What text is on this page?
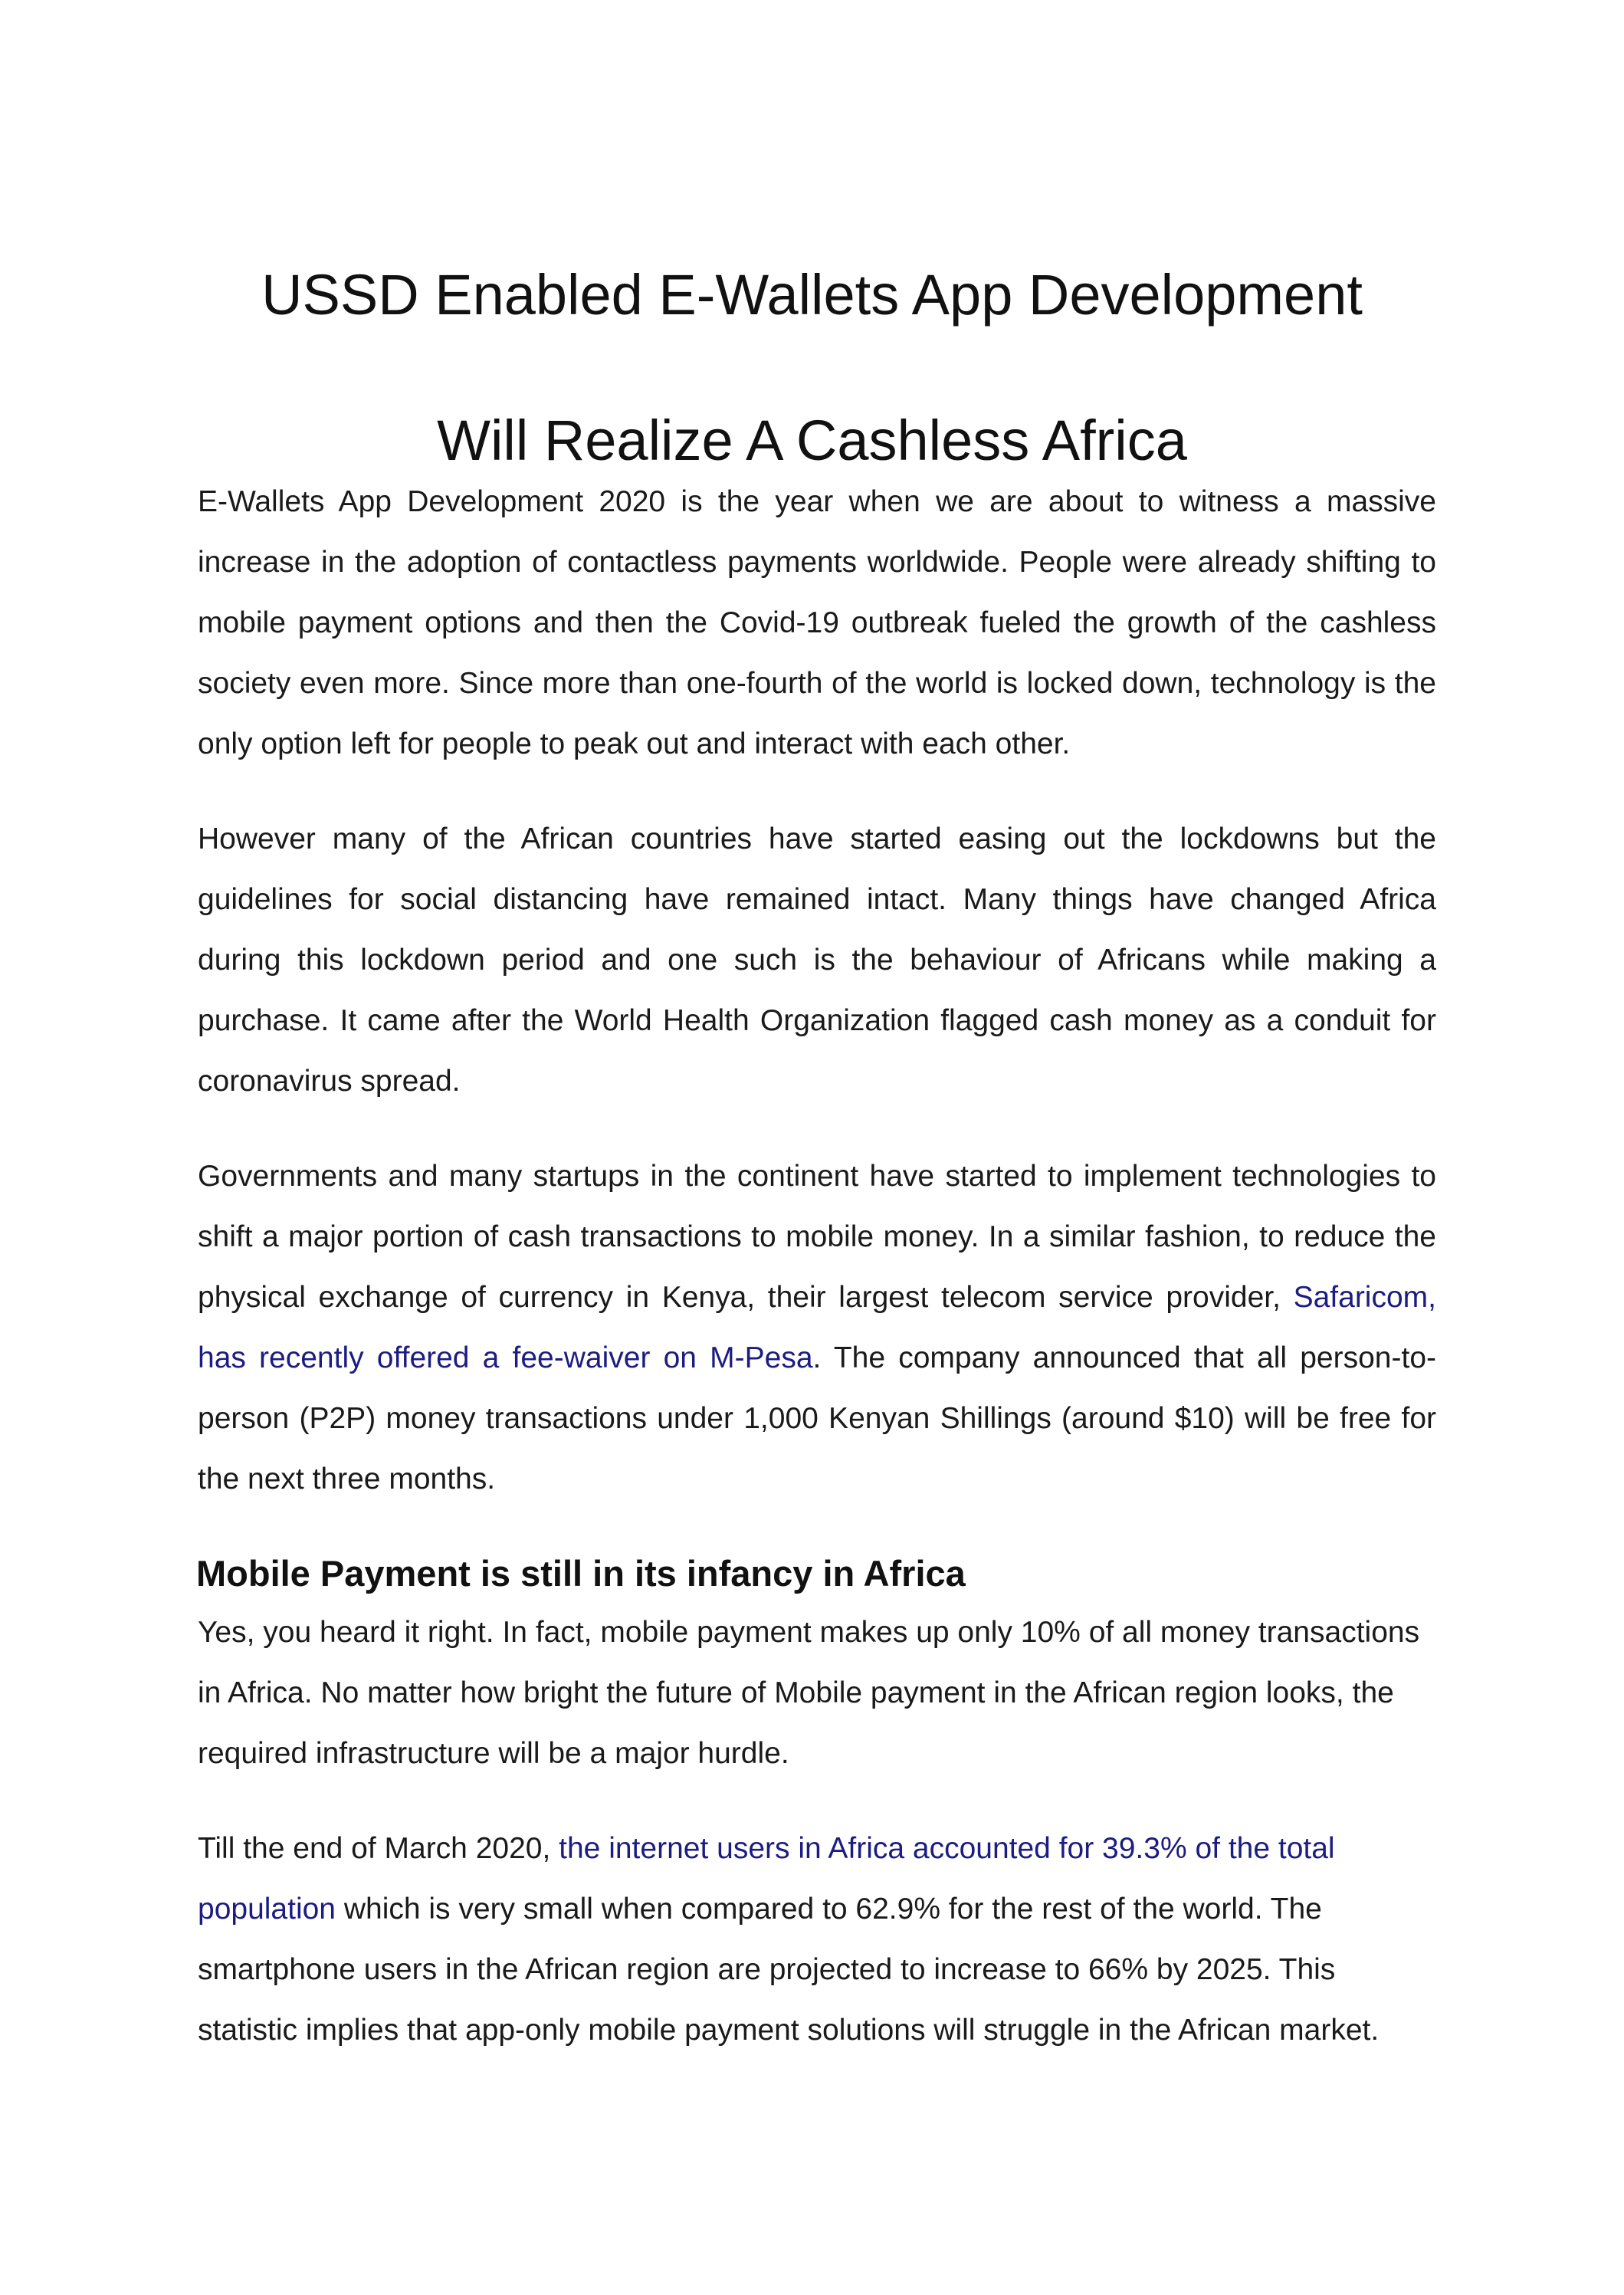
USSD Enabled E-Wallets App Development
Will Realize A Cashless Africa

E-Wallets App Development 2020 is the year when we are about to witness a massive increase in the adoption of contactless payments worldwide. People were already shifting to mobile payment options and then the Covid-19 outbreak fueled the growth of the cashless society even more. Since more than one-fourth of the world is locked down, technology is the only option left for people to peak out and interact with each other.

However many of the African countries have started easing out the lockdowns but the guidelines for social distancing have remained intact. Many things have changed Africa during this lockdown period and one such is the behaviour of Africans while making a purchase. It came after the World Health Organization flagged cash money as a conduit for coronavirus spread.

Governments and many startups in the continent have started to implement technologies to shift a major portion of cash transactions to mobile money. In a similar fashion, to reduce the physical exchange of currency in Kenya, their largest telecom service provider, Safaricom, has recently offered a fee-waiver on M-Pesa. The company announced that all person-to-person (P2P) money transactions under 1,000 Kenyan Shillings (around $10) will be free for the next three months.

Mobile Payment is still in its infancy in Africa

Yes, you heard it right. In fact, mobile payment makes up only 10% of all money transactions in Africa. No matter how bright the future of Mobile payment in the African region looks, the required infrastructure will be a major hurdle.

Till the end of March 2020, the internet users in Africa accounted for 39.3% of the total population which is very small when compared to 62.9% for the rest of the world. The smartphone users in the African region are projected to increase to 66% by 2025. This statistic implies that app-only mobile payment solutions will struggle in the African market.
